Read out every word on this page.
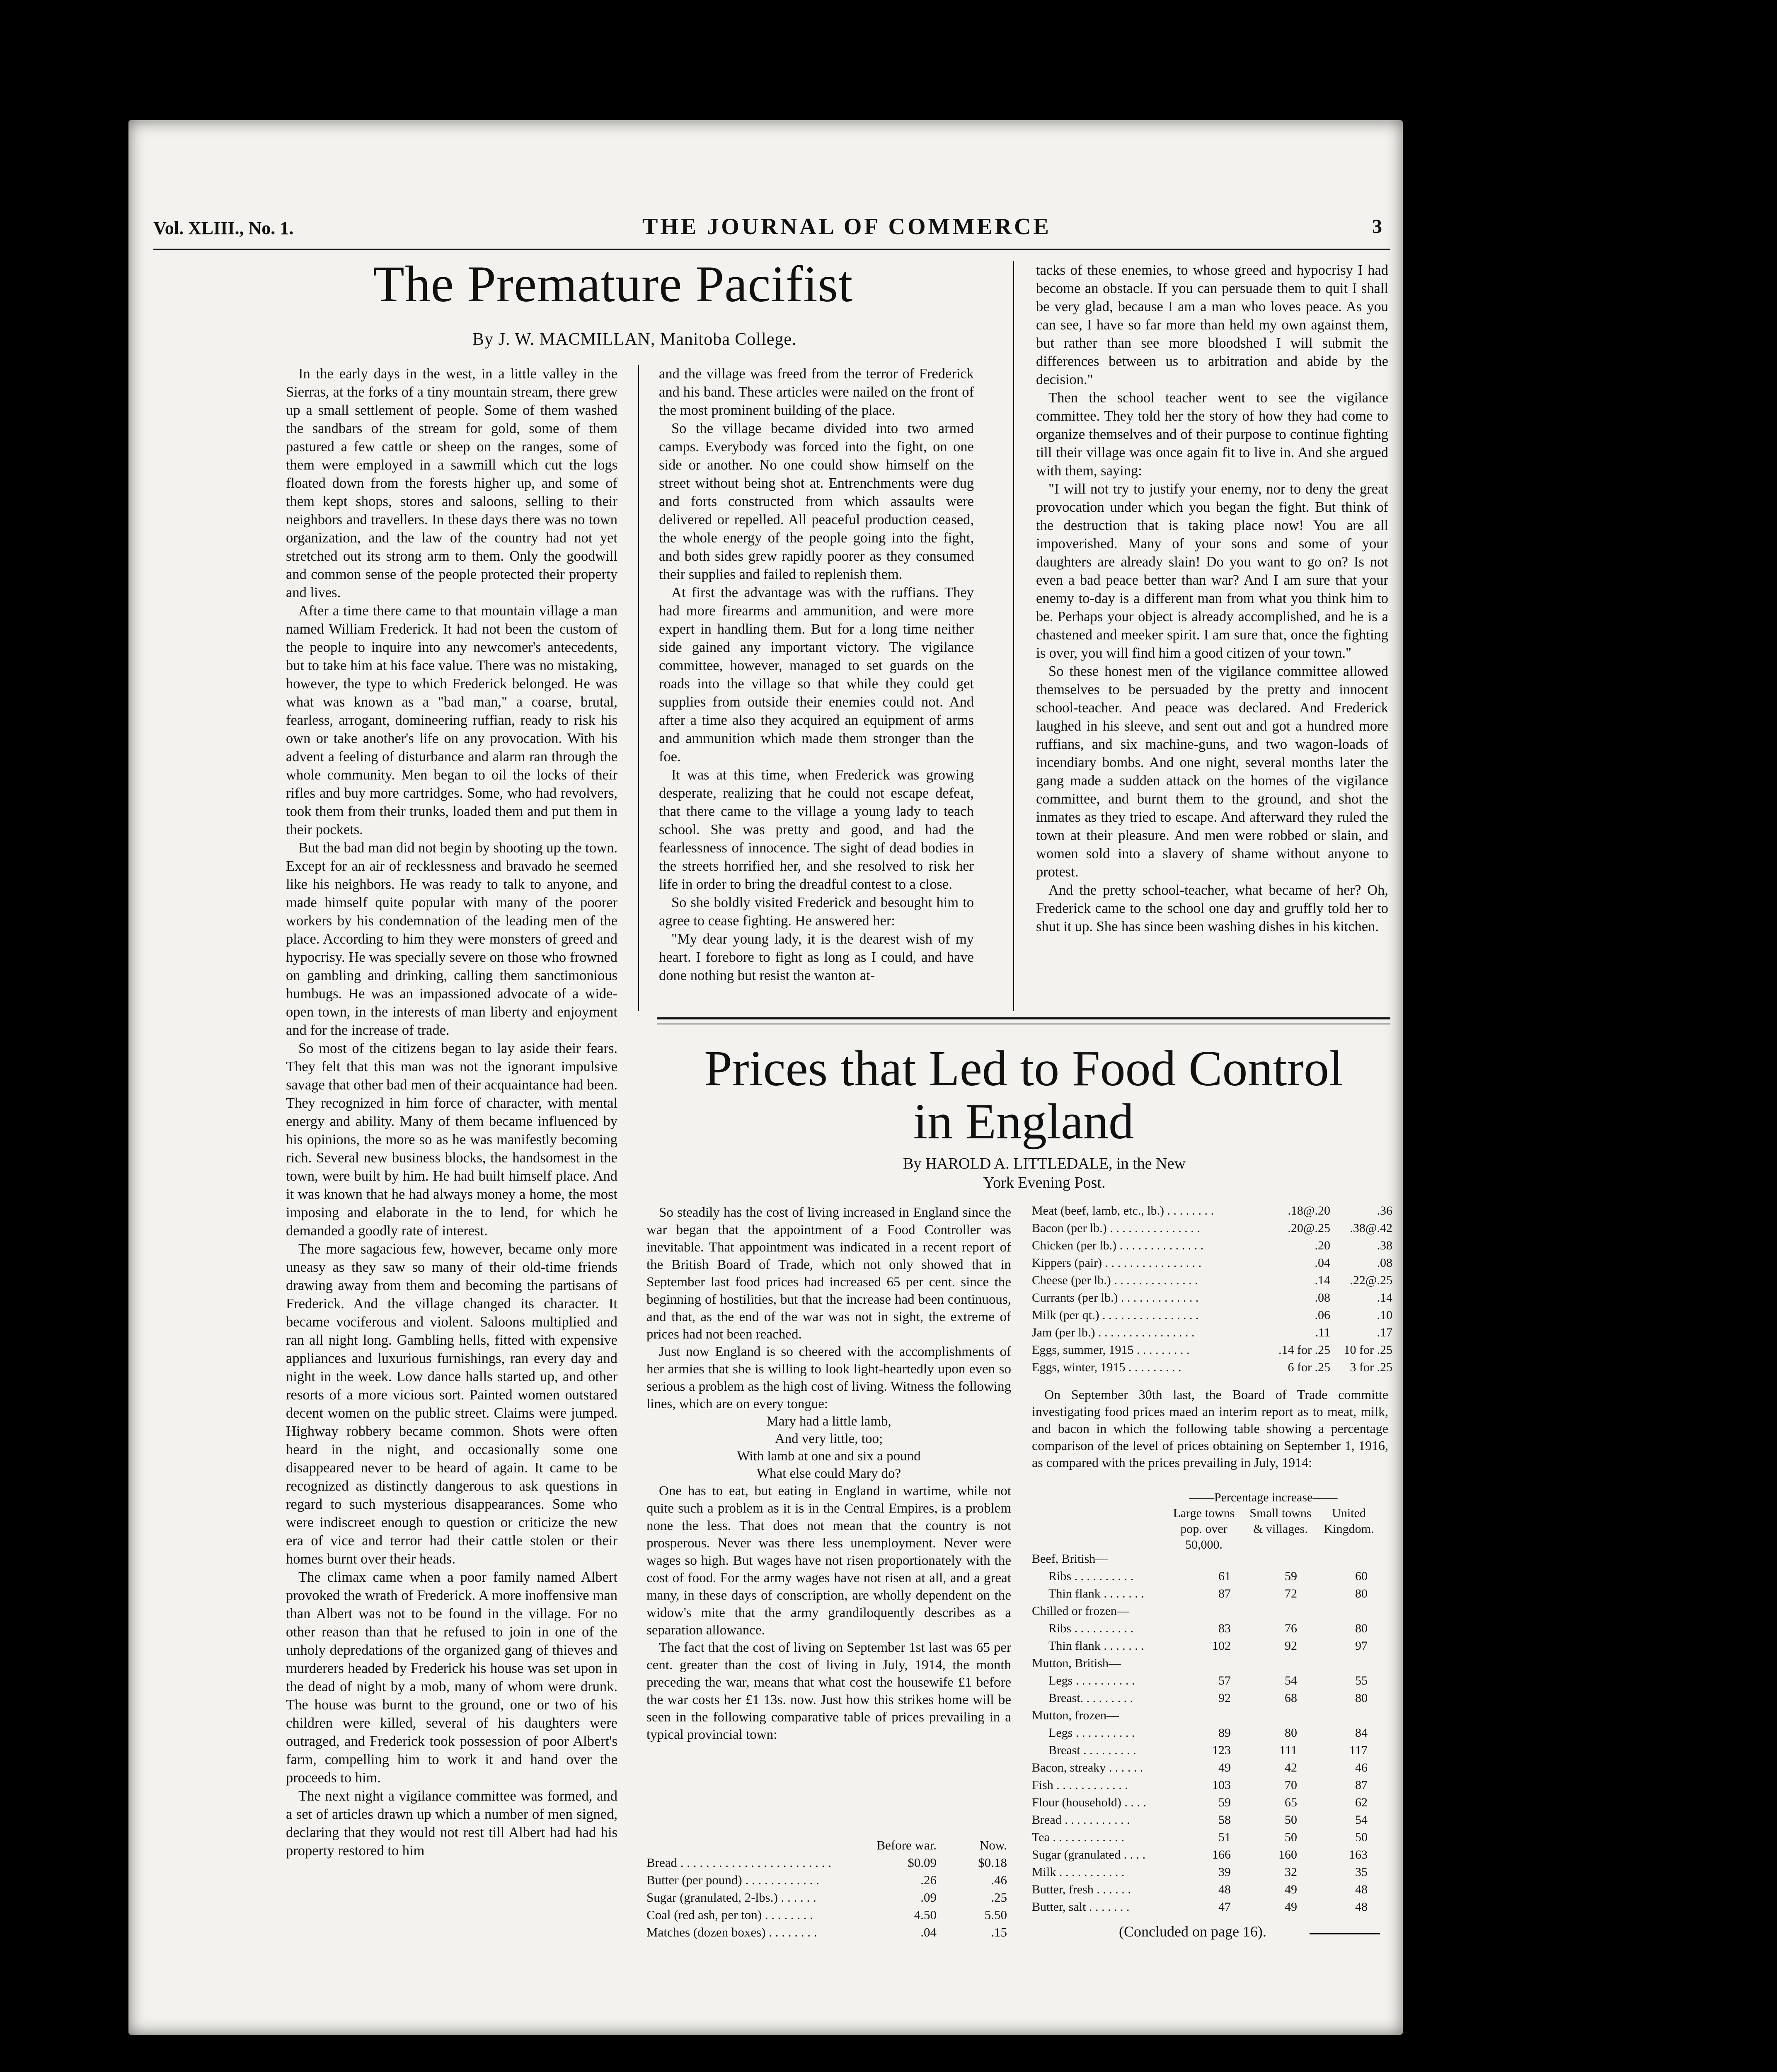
Vol. XLIII., No. 1.	THE JOURNAL OF COMMERCE	3
The Premature Pacifist
By J. W. MACMILLAN, Manitoba College.

In the early days in the west, in a little valley in the Sierras, at the forks of a tiny mountain stream, there grew up a small settlement of people. Some of them washed the sandbars of the stream for gold, some of them pastured a few cattle or sheep on the ranges, some of them were employed in a sawmill which cut the logs floated down from the forests higher up, and some of them kept shops, stores and saloons, selling to their neighbors and travellers. In these days there was no town organization, and the law of the country had not yet stretched out its strong arm to them. Only the goodwill and common sense of the people protected their property and lives.

After a time there came to that mountain village a man named William Frederick. It had not been the custom of the people to inquire into any newcomer's antecedents, but to take him at his face value. There was no mistaking, however, the type to which Frederick belonged. He was what was known as a "bad man," a coarse, brutal, fearless, arrogant, domineering ruffian, ready to risk his own or take another's life on any provocation. With his advent a feeling of disturbance and alarm ran through the whole community. Men began to oil the locks of their rifles and buy more cartridges. Some, who had revolvers, took them from their trunks, loaded them and put them in their pockets.

But the bad man did not begin by shooting up the town. Except for an air of recklessness and bravado he seemed like his neighbors. He was ready to talk to anyone, and made himself quite popular with many of the poorer workers by his condemnation of the leading men of the place. According to him they were monsters of greed and hypocrisy. He was specially severe on those who frowned on gambling and drinking, calling them sanctimonious humbugs. He was an impassioned advocate of a wide-open town, in the interests of man liberty and enjoyment and for the increase of trade.

So most of the citizens began to lay aside their fears. They felt that this man was not the ignorant impulsive savage that other bad men of their acquaintance had been. They recognized in him force of character, with mental energy and ability. Many of them became influenced by his opinions, the more so as he was manifestly becoming rich. Several new business blocks, the handsomest in the town, were built by him. He had built himself place. And it was known that he had always money a home, the most imposing and elaborate in the to lend, for which he demanded a goodly rate of interest.

The more sagacious few, however, became only more uneasy as they saw so many of their old-time friends drawing away from them and becoming the partisans of Frederick. And the village changed its character. It became vociferous and violent. Saloons multiplied and ran all night long. Gambling hells, fitted with expensive appliances and luxurious furnishings, ran every day and night in the week. Low dance halls started up, and other resorts of a more vicious sort. Painted women outstared decent women on the public street. Claims were jumped. Highway robbery became common. Shots were often heard in the night, and occasionally some one disappeared never to be heard of again. It came to be recognized as distinctly dangerous to ask questions in regard to such mysterious disappearances. Some who were indiscreet enough to question or criticize the new era of vice and terror had their cattle stolen or their homes burnt over their heads.

The climax came when a poor family named Albert provoked the wrath of Frederick. A more inoffensive man than Albert was not to be found in the village. For no other reason than that he refused to join in one of the unholy depredations of the organized gang of thieves and murderers headed by Frederick his house was set upon in the dead of night by a mob, many of whom were drunk. The house was burnt to the ground, one or two of his children were killed, several of his daughters were outraged, and Frederick took possession of poor Albert's farm, compelling him to work it and hand over the proceeds to him.

The next night a vigilance committee was formed, and a set of articles drawn up which a number of men signed, declaring that they would not rest till Albert had had his property restored to him

and the village was freed from the terror of Frederick and his band. These articles were nailed on the front of the most prominent building of the place.

So the village became divided into two armed camps. Everybody was forced into the fight, on one side or another. No one could show himself on the street without being shot at. Entrenchments were dug and forts constructed from which assaults were delivered or repelled. All peaceful production ceased, the whole energy of the people going into the fight, and both sides grew rapidly poorer as they consumed their supplies and failed to replenish them.

At first the advantage was with the ruffians. They had more firearms and ammunition, and were more expert in handling them. But for a long time neither side gained any important victory. The vigilance committee, however, managed to set guards on the roads into the village so that while they could get supplies from outside their enemies could not. And after a time also they acquired an equipment of arms and ammunition which made them stronger than the foe.

It was at this time, when Frederick was growing desperate, realizing that he could not escape defeat, that there came to the village a young lady to teach school. She was pretty and good, and had the fearlessness of innocence. The sight of dead bodies in the streets horrified her, and she resolved to risk her life in order to bring the dreadful contest to a close.

So she boldly visited Frederick and besought him to agree to cease fighting. He answered her:

"My dear young lady, it is the dearest wish of my heart. I forebore to fight as long as I could, and have done nothing but resist the wanton at-

tacks of these enemies, to whose greed and hypocrisy I had become an obstacle. If you can persuade them to quit I shall be very glad, because I am a man who loves peace. As you can see, I have so far more than held my own against them, but rather than see more bloodshed I will submit the differences between us to arbitration and abide by the decision."

Then the school teacher went to see the vigilance committee. They told her the story of how they had come to organize themselves and of their purpose to continue fighting till their village was once again fit to live in. And she argued with them, saying:

"I will not try to justify your enemy, nor to deny the great provocation under which you began the fight. But think of the destruction that is taking place now! You are all impoverished. Many of your sons and some of your daughters are already slain! Do you want to go on? Is not even a bad peace better than war? And I am sure that your enemy to-day is a different man from what you think him to be. Perhaps your object is already accomplished, and he is a chastened and meeker spirit. I am sure that, once the fighting is over, you will find him a good citizen of your town."

So these honest men of the vigilance committee allowed themselves to be persuaded by the pretty and innocent school-teacher. And peace was declared. And Frederick laughed in his sleeve, and sent out and got a hundred more ruffians, and six machine-guns, and two wagon-loads of incendiary bombs. And one night, several months later the gang made a sudden attack on the homes of the vigilance committee, and burnt them to the ground, and shot the inmates as they tried to escape. And afterward they ruled the town at their pleasure. And men were robbed or slain, and women sold into a slavery of shame without anyone to protest.

And the pretty school-teacher, what became of her? Oh, Frederick came to the school one day and gruffly told her to shut it up. She has since been washing dishes in his kitchen.

Prices that Led to Food Control
in England
By HAROLD A. LITTLEDALE, in the New
York Evening Post.

So steadily has the cost of living increased in England since the war began that the appointment of a Food Controller was inevitable. That appointment was indicated in a recent report of the British Board of Trade, which not only showed that in September last food prices had increased 65 per cent. since the beginning of hostilities, but that the increase had been continuous, and that, as the end of the war was not in sight, the extreme of prices had not been reached.

Just now England is so cheered with the accomplishments of her armies that she is willing to look light-heartedly upon even so serious a problem as the high cost of living. Witness the following lines, which are on every tongue:

Mary had a little lamb,

And very little, too;

With lamb at one and six a pound

What else could Mary do?

One has to eat, but eating in England in wartime, while not quite such a problem as it is in the Central Empires, is a problem none the less. That does not mean that the country is not prosperous. Never was there less unemployment. Never were wages so high. But wages have not risen proportionately with the cost of food. For the army wages have not risen at all, and a great many, in these days of conscription, are wholly dependent on the widow's mite that the army grandiloquently describes as a separation allowance.

The fact that the cost of living on September 1st last was 65 per cent. greater than the cost of living in July, 1914, the month preceding the war, means that what cost the housewife £1 before the war costs her £1 13s. now. Just how this strikes home will be seen in the following comparative table of prices prevailing in a typical provincial town:

Before war.	Now.
Bread . . . . . . . . . . . . . . . . . . . . . . . .	$0.09	$0.18
Butter (per pound) . . . . . . . . . . . .	.26	.46
Sugar (granulated, 2-lbs.) . . . . . .	.09	.25
Coal (red ash, per ton) . . . . . . . .	4.50	5.50
Matches (dozen boxes) . . . . . . . .	.04	.15
Meat (beef, lamb, etc., lb.) . . . . . . . .	.18@.20	.36
Bacon (per lb.) . . . . . . . . . . . . . . .	.20@.25	.38@.42
Chicken (per lb.) . . . . . . . . . . . . . .	.20	.38
Kippers (pair) . . . . . . . . . . . . . . . .	.04	.08
Cheese (per lb.) . . . . . . . . . . . . . .	.14	.22@.25
Currants (per lb.) . . . . . . . . . . . . .	.08	.14
Milk (per qt.) . . . . . . . . . . . . . . . .	.06	.10
Jam (per lb.) . . . . . . . . . . . . . . . .	.11	.17
Eggs, summer, 1915 . . . . . . . . .	.14 for .25	10 for .25
Eggs, winter, 1915 . . . . . . . . .	6 for .25	3 for .25

On September 30th last, the Board of Trade committe investigating food prices maed an interim report as to meat, milk, and bacon in which the following table showing a percentage comparison of the level of prices obtaining on September 1, 1916, as compared with the prices prevailing in July, 1914:

——Percentage increase——
Large towns pop. over 50,000.
Small towns & villages.
United Kingdom.
Beef, British—
Ribs . . . . . . . . . .	61	59	60
Thin flank . . . . . . .	87	72	80
Chilled or frozen—
Ribs . . . . . . . . . .	83	76	80
Thin flank . . . . . . .	102	92	97
Mutton, British—
Legs . . . . . . . . . .	57	54	55
Breast. . . . . . . . .	92	68	80
Mutton, frozen—
Legs . . . . . . . . . .	89	80	84
Breast . . . . . . . . .	123	111	117
Bacon, streaky . . . . . .	49	42	46
Fish . . . . . . . . . . . .	103	70	87
Flour (household) . . . .	59	65	62
Bread . . . . . . . . . . .	58	50	54
Tea . . . . . . . . . . . .	51	50	50
Sugar (granulated . . . .	166	160	163
Milk . . . . . . . . . . .	39	32	35
Butter, fresh . . . . . .	48	49	48
Butter, salt . . . . . . .	47	49	48
(Concluded on page 16).
